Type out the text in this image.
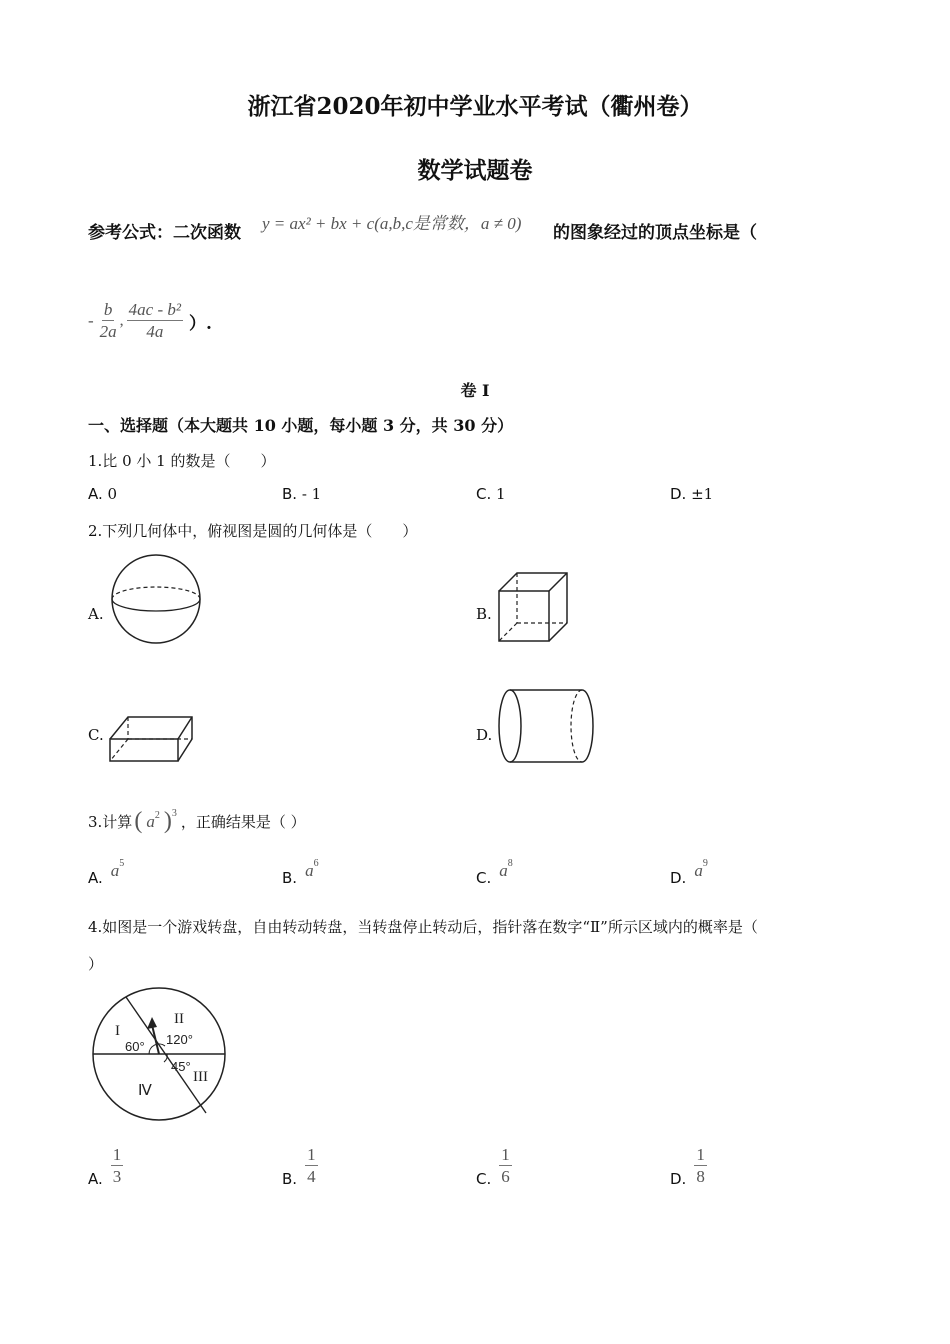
浙江省2020年初中学业水平考试（衢州卷）
数学试题卷
参考公式：二次函数 y = ax² + bx + c(a,b,c是常数，a ≠ 0) 的图象经过的顶点坐标是（
- $\frac{b}{2a}$ , $\frac{\text{4ac - b²}}{4a}$ ）.
卷 I
一、选择题（本大题共 10 小题，每小题 3 分，共 30 分）
1.比 0 小 1 的数是（　　）
A. 0	B. - 1	C. 1	D. ±1
2.下列几何体中，俯视图是圆的几何体是（　　）
A.	B.
C.	D.
3.计算 ( $a^2$ )$^3$ ，正确结果是（ ）
A. a 5
B. a 6
C. a 8
D. a 9
4.如图是一个游戏转盘，自由转动转盘，当转盘停止转动后，指针落在数字“Ⅱ”所示区域内的概率是（
）
I
II
III
Ⅳ
60° 120°
45°
A. $\frac{1}{3}$	B. $\frac{1}{4}$	C. $\frac{1}{6}$	D. $\frac{1}{8}$
